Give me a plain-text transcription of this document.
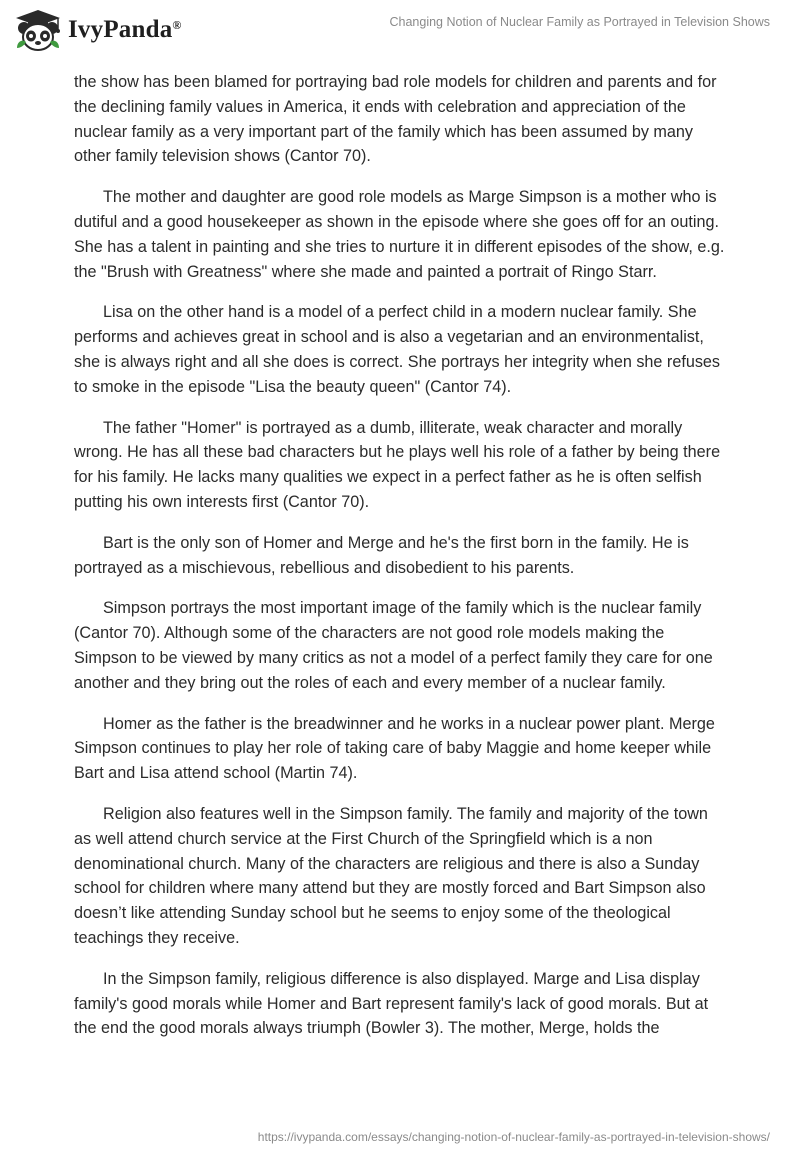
IvyPanda®	Changing Notion of Nuclear Family as Portrayed in Television Shows

the show has been blamed for portraying bad role models for children and parents and for the declining family values in America, it ends with celebration and appreciation of the nuclear family as a very important part of the family which has been assumed by many other family television shows (Cantor 70).

The mother and daughter are good role models as Marge Simpson is a mother who is dutiful and a good housekeeper as shown in the episode where she goes off for an outing. She has a talent in painting and she tries to nurture it in different episodes of the show, e.g. the "Brush with Greatness" where she made and painted a portrait of Ringo Starr.

Lisa on the other hand is a model of a perfect child in a modern nuclear family. She performs and achieves great in school and is also a vegetarian and an environmentalist, she is always right and all she does is correct. She portrays her integrity when she refuses to smoke in the episode "Lisa the beauty queen" (Cantor 74).

The father "Homer" is portrayed as a dumb, illiterate, weak character and morally wrong. He has all these bad characters but he plays well his role of a father by being there for his family. He lacks many qualities we expect in a perfect father as he is often selfish putting his own interests first (Cantor 70).

Bart is the only son of Homer and Merge and he's the first born in the family. He is portrayed as a mischievous, rebellious and disobedient to his parents.

Simpson portrays the most important image of the family which is the nuclear family (Cantor 70). Although some of the characters are not good role models making the Simpson to be viewed by many critics as not a model of a perfect family they care for one another and they bring out the roles of each and every member of a nuclear family.

Homer as the father is the breadwinner and he works in a nuclear power plant. Merge Simpson continues to play her role of taking care of baby Maggie and home keeper while Bart and Lisa attend school (Martin 74).

Religion also features well in the Simpson family. The family and majority of the town as well attend church service at the First Church of the Springfield which is a non denominational church. Many of the characters are religious and there is also a Sunday school for children where many attend but they are mostly forced and Bart Simpson also doesn’t like attending Sunday school but he seems to enjoy some of the theological teachings they receive.

In the Simpson family, religious difference is also displayed. Marge and Lisa display family's good morals while Homer and Bart represent family's lack of good morals. But at the end the good morals always triumph (Bowler 3). The mother, Merge, holds the

https://ivypanda.com/essays/changing-notion-of-nuclear-family-as-portrayed-in-television-shows/
